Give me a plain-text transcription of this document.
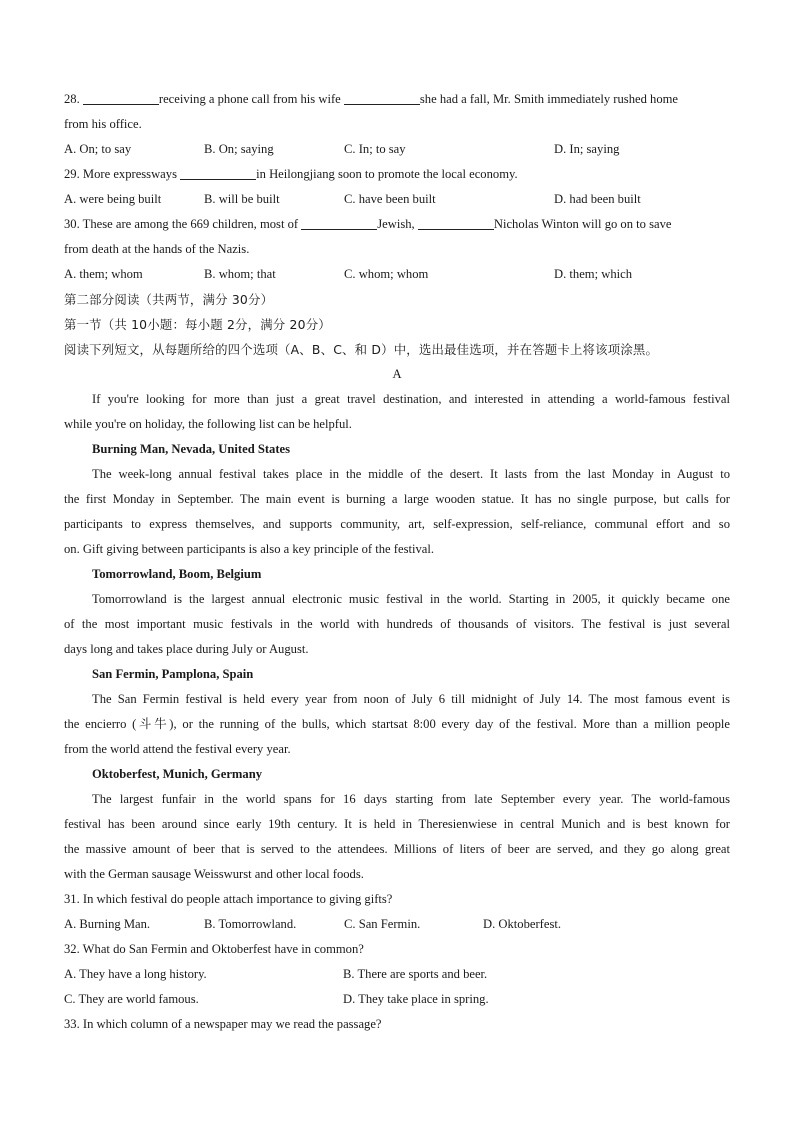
28.	receiving a phone call from his wife	she had a fall, Mr. Smith immediately rushed home
from his office.
A. On; to say	B. On; saying	C. In; to say	D. In; saying
29. More expressways	in Heilongjiang soon to promote the local economy.
A. were being built	B. will be built	C. have been built	D. had been built
30. These are among the 669 children, most of	Jewish,	Nicholas Winton will go on to save
from death at the hands of the Nazis.
A. them; whom	B. whom; that	C. whom; whom	D. them; which
第二部分阅读（共两节，满分 30分）
第一节（共 10小题：每小题 2分，满分 20分）
阅读下列短文，从每题所给的四个选项（A、B、C、和 D）中，选出最佳选项，并在答题卡上将该项涂黑。
A
If you're looking for more than just a great travel destination, and interested in attending a world-famous festival
while you're on holiday, the following list can be helpful.
Burning Man, Nevada, United States
The week-long annual festival takes place in the middle of the desert. It lasts from the last Monday in August to
the first Monday in September. The main event is burning a large wooden statue. It has no single purpose, but calls for
participants to express themselves, and supports community, art, self-expression, self-reliance, communal effort and so
on. Gift giving between participants is also a key principle of the festival.
Tomorrowland, Boom, Belgium
Tomorrowland is the largest annual electronic music festival in the world. Starting in 2005, it quickly became one
of the most important music festivals in the world with hundreds of thousands of visitors. The festival is just several
days long and takes place during July or August.
San Fermin, Pamplona, Spain
The San Fermin festival is held every year from noon of July 6 till midnight of July 14. The most famous event is
the encierro (斗牛), or the running of the bulls, which startsat 8:00 every day of the festival. More than a million people
from the world attend the festival every year.
Oktoberfest, Munich, Germany
The largest funfair in the world spans for 16 days starting from late September every year. The world-famous
festival has been around since early 19th century. It is held in Theresienwiese in central Munich and is best known for
the massive amount of beer that is served to the attendees. Millions of liters of beer are served, and they go along great
with the German sausage Weisswurst and other local foods.
31. In which festival do people attach importance to giving gifts?
A. Burning Man.	B. Tomorrowland.	C. San Fermin.	D. Oktoberfest.
32. What do San Fermin and Oktoberfest have in common?
A. They have a long history.	B. There are sports and beer.
C. They are world famous.	D. They take place in spring.
33. In which column of a newspaper may we read the passage?
